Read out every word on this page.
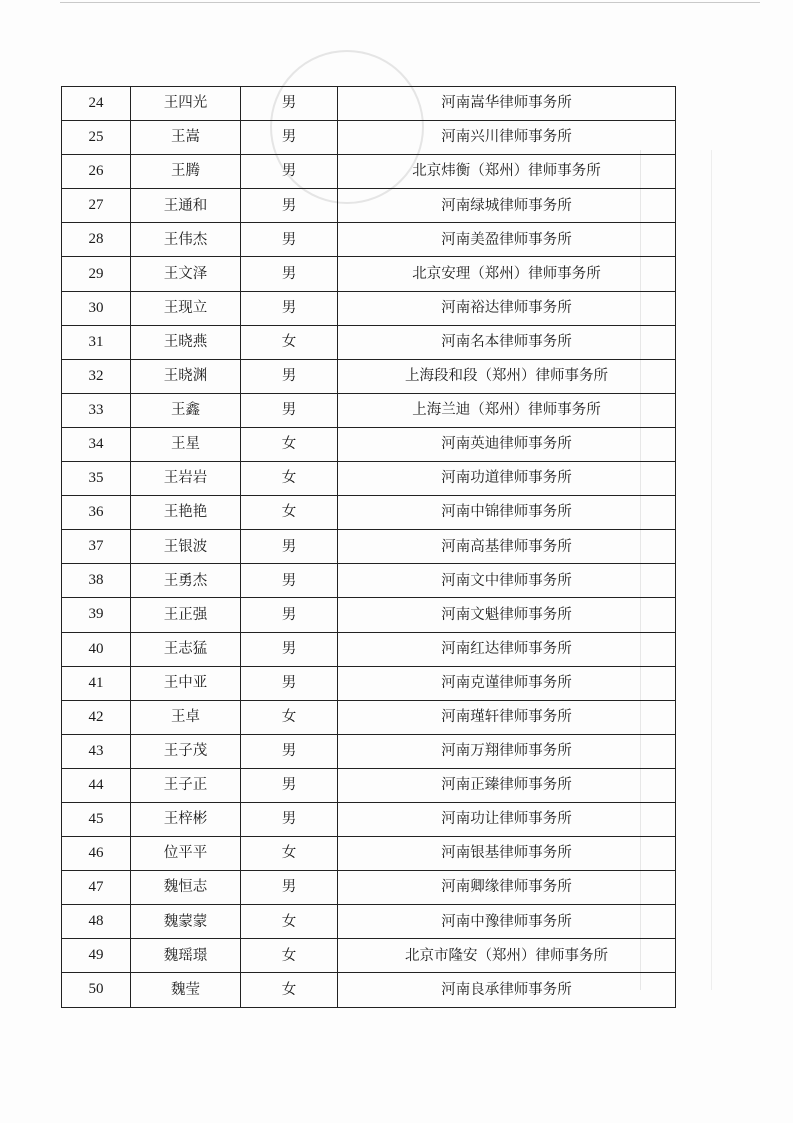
24	王四光	男	河南嵩华律师事务所
25	王嵩	男	河南兴川律师事务所
26	王腾	男	北京炜衡（郑州）律师事务所
27	王通和	男	河南绿城律师事务所
28	王伟杰	男	河南美盈律师事务所
29	王文泽	男	北京安理（郑州）律师事务所
30	王现立	男	河南裕达律师事务所
31	王晓燕	女	河南名本律师事务所
32	王晓渊	男	上海段和段（郑州）律师事务所
33	王鑫	男	上海兰迪（郑州）律师事务所
34	王星	女	河南英迪律师事务所
35	王岩岩	女	河南功道律师事务所
36	王艳艳	女	河南中锦律师事务所
37	王银波	男	河南高基律师事务所
38	王勇杰	男	河南文中律师事务所
39	王正强	男	河南文魁律师事务所
40	王志猛	男	河南红达律师事务所
41	王中亚	男	河南克谨律师事务所
42	王卓	女	河南瑾轩律师事务所
43	王子茂	男	河南万翔律师事务所
44	王子正	男	河南正臻律师事务所
45	王梓彬	男	河南功让律师事务所
46	位平平	女	河南银基律师事务所
47	魏恒志	男	河南卿缘律师事务所
48	魏蒙蒙	女	河南中豫律师事务所
49	魏瑶璟	女	北京市隆安（郑州）律师事务所
50	魏莹	女	河南良承律师事务所
